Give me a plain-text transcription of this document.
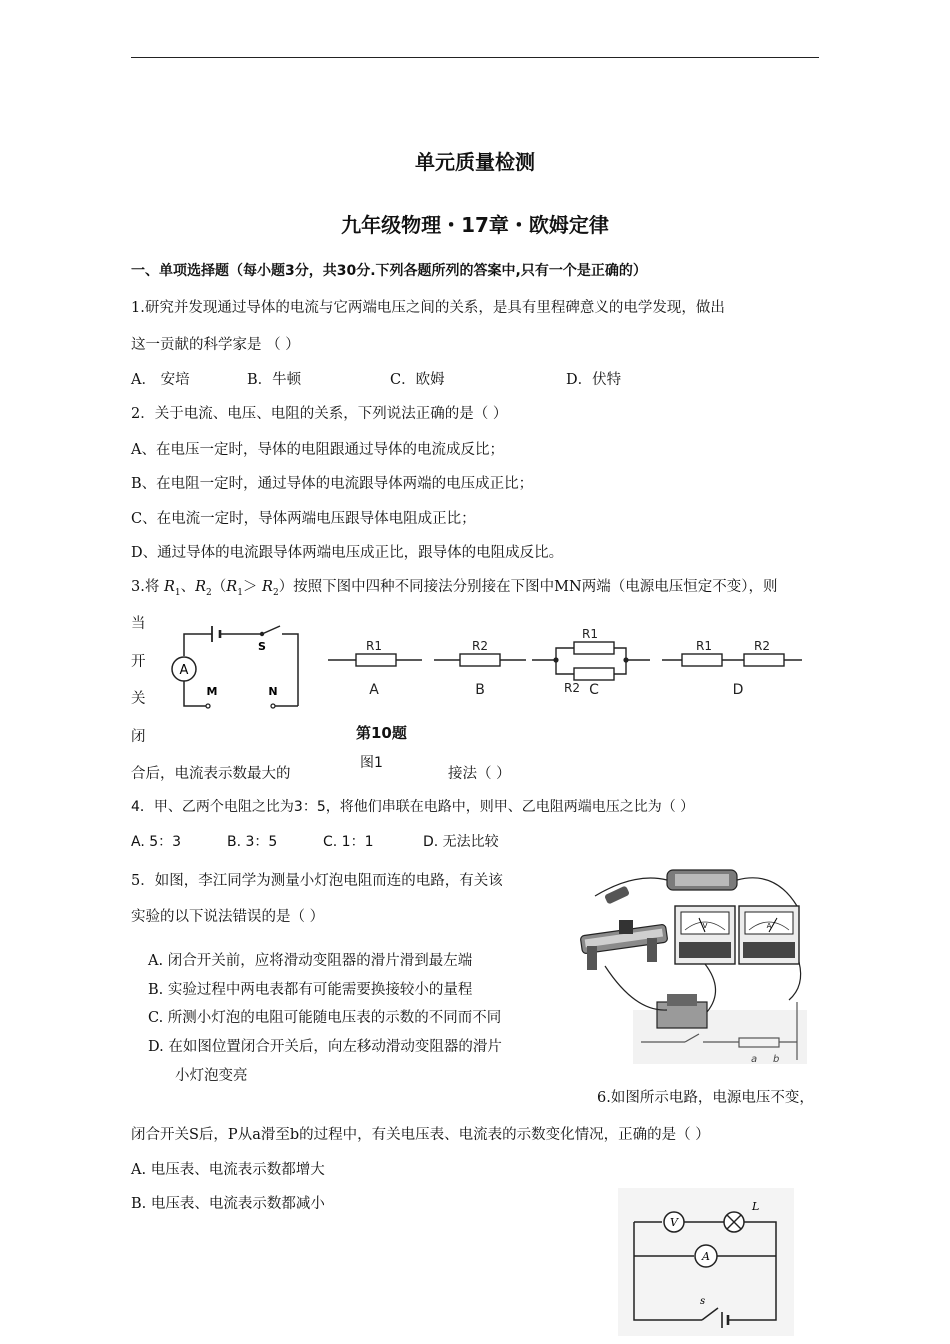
单元质量检测
九年级物理・17章・欧姆定律
一、单项选择题（每小题3分，共30分.下列各题所列的答案中,只有一个是正确的）
1.研究并发现通过导体的电流与它两端电压之间的关系，是具有里程碑意义的电学发现，做出
这一贡献的科学家是 （ ）
A． 安培	B．牛顿	C．欧姆	D．伏特
2．关于电流、电压、电阻的关系，下列说法正确的是（ ）
A、在电压一定时，导体的电阻跟通过导体的电流成反比；
B、在电阻一定时，通过导体的电流跟导体两端的电压成正比；
C、在电流一定时，导体两端电压跟导体电阻成正比；
D、通过导体的电流跟导体两端电压成正比，跟导体的电阻成反比。
3.将 $R_1$、$R_2(R_1> R_2)$按照下图中四种不同接法分别接在下图中MN两端（电源电压恒定不变），则
当
开
关
闭
合后，电流表示数最大的	接法（ ）
A
S
M	N
R1
A
R2
B
R1
R2 C
R1	R2
D
第10题
图1
4．甲、乙两个电阻之比为3：5，将他们串联在电路中，则甲、乙电阻两端电压之比为（ ）
A. 5：3	B. 3：5	C. 1：1	D. 无法比较
5．如图，李江同学为测量小灯泡电阻而连的电路，有关该
实验的以下说法错误的是（ ）
A. 闭合开关前，应将滑动变阻器的滑片滑到最左端
B. 实验过程中两电表都有可能需要换接较小的量程
C. 所测小灯泡的电阻可能随电压表的示数的不同而不同
D. 在如图位置闭合开关后，向左移动滑动变阻器的滑片
小灯泡变亮
a b
V	A
6.如图所示电路，电源电压不变，
闭合开关S后，P从a滑至b的过程中，有关电压表、电流表的示数变化情况，正确的是（ ）
A. 电压表、电流表示数都增大
B. 电压表、电流表示数都减小
V
L
A
s
